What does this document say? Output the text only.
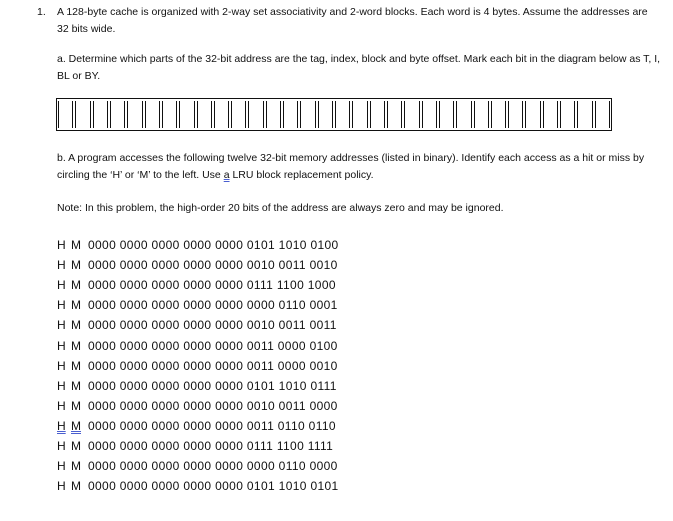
1. A 128-byte cache is organized with 2-way set associativity and 2-word blocks. Each word is 4 bytes. Assume the addresses are 32 bits wide.
a. Determine which parts of the 32-bit address are the tag, index, block and byte offset. Mark each bit in the diagram below as T, I, BL or BY.
b. A program accesses the following twelve 32-bit memory addresses (listed in binary). Identify each access as a hit or miss by circling the ‘H’ or ‘M’ to the left. Use a LRU block replacement policy.
Note: In this problem, the high-order 20 bits of the address are always zero and may be ignored.
H M 0000 0000 0000 0000 0000 0101 1010 0100
H M 0000 0000 0000 0000 0000 0010 0011 0010
H M 0000 0000 0000 0000 0000 0111 1100 1000
H M 0000 0000 0000 0000 0000 0000 0110 0001
H M 0000 0000 0000 0000 0000 0010 0011 0011
H M 0000 0000 0000 0000 0000 0011 0000 0100
H M 0000 0000 0000 0000 0000 0011 0000 0010
H M 0000 0000 0000 0000 0000 0101 1010 0111
H M 0000 0000 0000 0000 0000 0010 0011 0000
H M 0000 0000 0000 0000 0000 0011 0110 0110
H M 0000 0000 0000 0000 0000 0111 1100 1111
H M 0000 0000 0000 0000 0000 0000 0110 0000
H M 0000 0000 0000 0000 0000 0101 1010 0101
